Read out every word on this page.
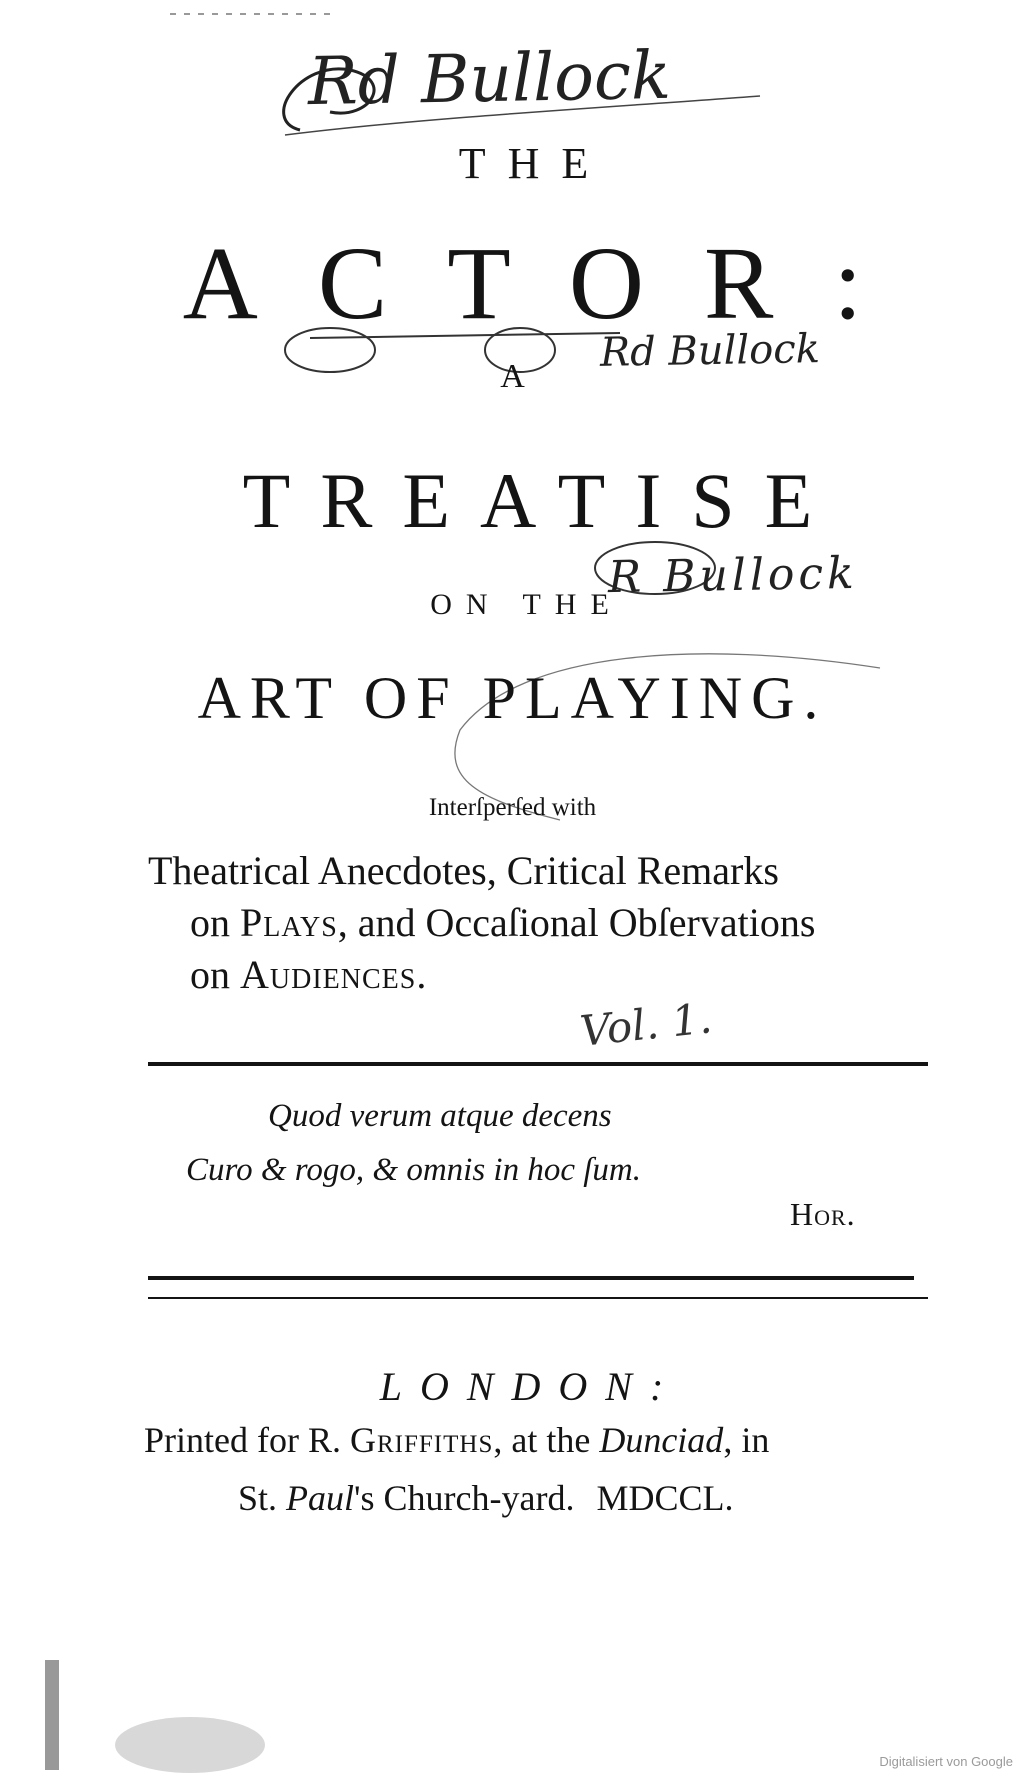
Rd Bullock
Rd Bullock
R Bullock
Vol. 1.
THE
ACTOR:
A
TREATISE
ON THE
ART OF PLAYING.
Interſperſed with
Theatrical Anecdotes, Critical Remarks
on Plays, and Occaſional Obſervations
on Audiences.
Quod verum atque decens
Curo & rogo, & omnis in hoc ſum.
Hor.
LONDON:
Printed for R. Griffiths, at the Dunciad, in
St. Paul's Church-yard. MDCCL.
Digitalisiert von Google
